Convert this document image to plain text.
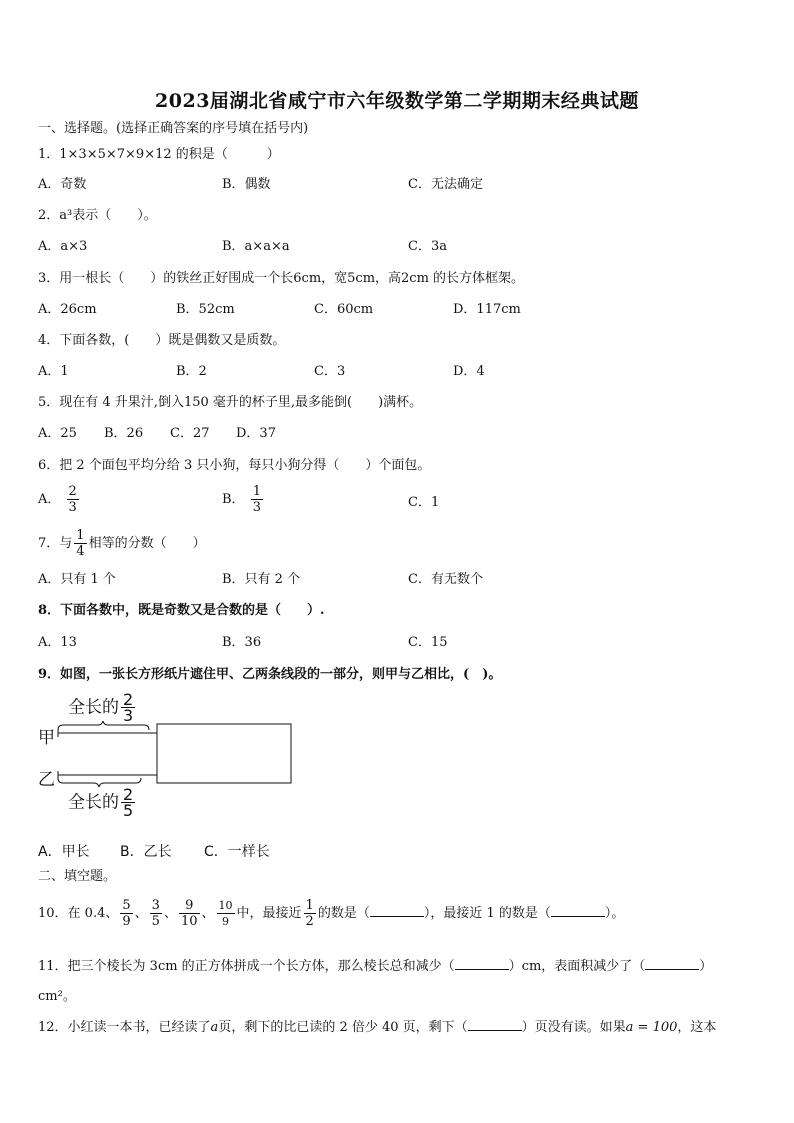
2023届湖北省咸宁市六年级数学第二学期期末经典试题
一、选择题。(选择正确答案的序号填在括号内)
1．1×3×5×7×9×12 的积是（　　　）
A．奇数	B．偶数	C．无法确定
2．a³表示（　　）。
A．a×3	B．a×a×a	C．3a
3．用一根长（　　）的铁丝正好围成一个长6cm，宽5cm，高2cm 的长方体框架。
A．26cm	B．52cm	C．60cm	D．117cm
4．下面各数，(　　）既是偶数又是质数。
A．1	B．2	C．3	D．4
5．现在有 4 升果汁,倒入150 毫升的杯子里,最多能倒(　　)满杯。
A．25 B．26 C．27 D．37
6．把 2 个面包平均分给 3 只小狗，每只小狗分得（　　）个面包。
A． $\frac{2}{3}$	B． $\frac{1}{3}$	C．1
7．与 $\frac{1}{4}$ 相等的分数（　　）
A．只有 1 个	B．只有 2 个	C．有无数个
8．下面各数中，既是奇数又是合数的是（　　）.
A．13	B．36	C．15
9．如图，一张长方形纸片遮住甲、乙两条线段的一部分，则甲与乙相比，(　)。
甲
乙
全长的 $\frac{2}{3}$
全长的 $\frac{2}{5}$
A．甲长 B．乙长 C．一样长
二、填空题。
10．在 0.4、 $\frac{5}{9}$ 、 $\frac{3}{5}$ 、 $\frac{9}{10}$ 、 $\frac{10}{9}$ 中，最接近 $\frac{1}{2}$ 的数是（	），最接近 1 的数是（	）。
11．把三个棱长为 3cm 的正方体拼成一个长方体，那么棱长总和减少（	）cm，表面积减少了（	）
cm²。
12．小红读一本书，已经读了a页，剩下的比已读的 2 倍少 40 页，剩下（	）页没有读。如果a = 100，这本
